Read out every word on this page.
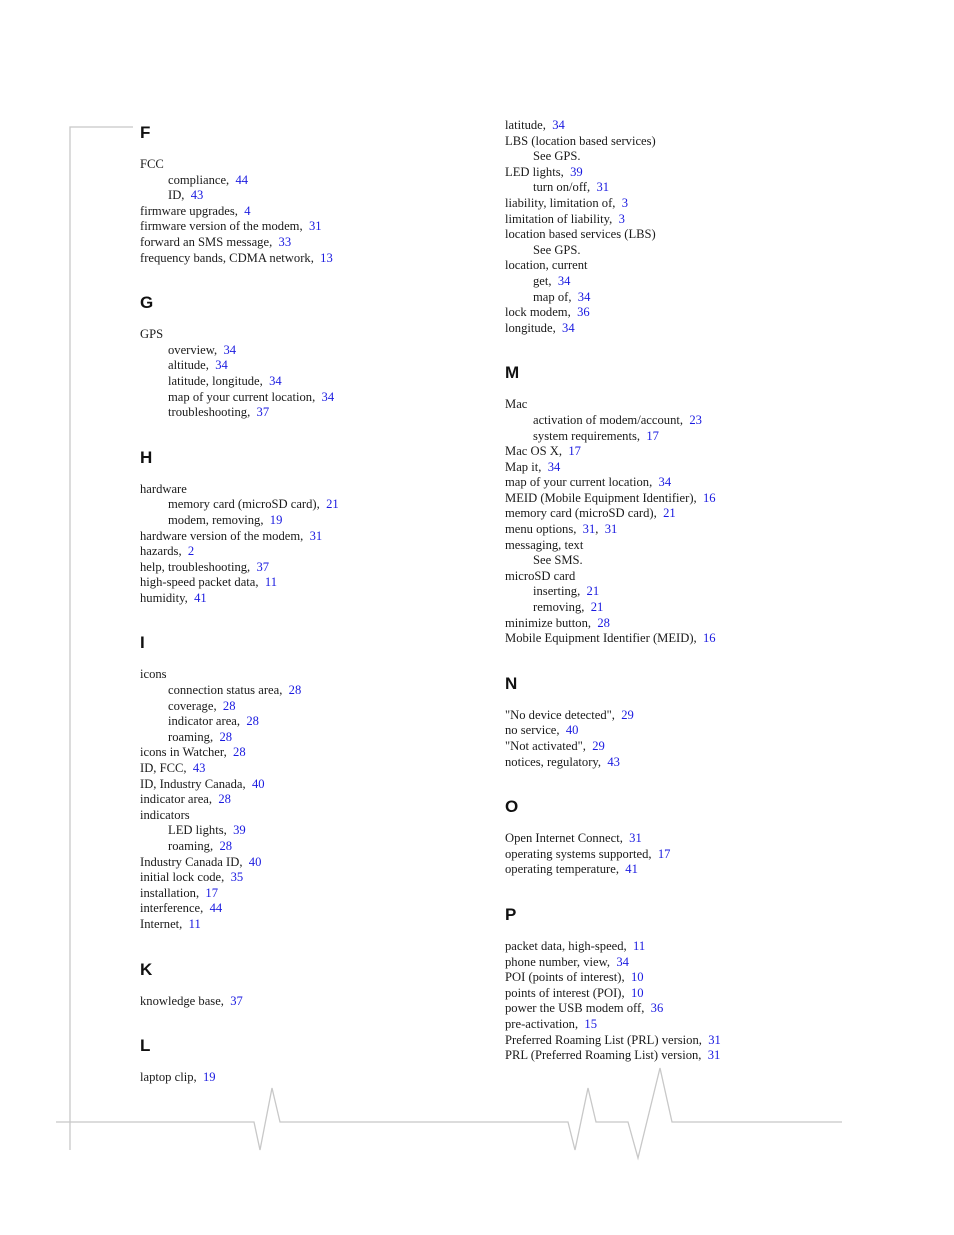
F
FCC
compliance,  44
ID,  43
firmware upgrades,  4
firmware version of the modem,  31
forward an SMS message,  33
frequency bands, CDMA network,  13
G
GPS
overview,  34
altitude,  34
latitude, longitude,  34
map of your current location,  34
troubleshooting,  37
H
hardware
memory card (microSD card),  21
modem, removing,  19
hardware version of the modem,  31
hazards,  2
help, troubleshooting,  37
high-speed packet data,  11
humidity,  41
I
icons
connection status area,  28
coverage,  28
indicator area,  28
roaming,  28
icons in Watcher,  28
ID, FCC,  43
ID, Industry Canada,  40
indicator area,  28
indicators
LED lights,  39
roaming,  28
Industry Canada ID,  40
initial lock code,  35
installation,  17
interference,  44
Internet,  11
K
knowledge base,  37
L
laptop clip,  19
latitude,  34
LBS (location based services)
See GPS.
LED lights,  39
turn on/off,  31
liability, limitation of,  3
limitation of liability,  3
location based services (LBS)
See GPS.
location, current
get,  34
map of,  34
lock modem,  36
longitude,  34
M
Mac
activation of modem/account,  23
system requirements,  17
Mac OS X,  17
Map it,  34
map of your current location,  34
MEID (Mobile Equipment Identifier),  16
memory card (microSD card),  21
menu options,  31,  31
messaging, text
See SMS.
microSD card
inserting,  21
removing,  21
minimize button,  28
Mobile Equipment Identifier (MEID),  16
N
"No device detected",  29
no service,  40
"Not activated",  29
notices, regulatory,  43
O
Open Internet Connect,  31
operating systems supported,  17
operating temperature,  41
P
packet data, high-speed,  11
phone number, view,  34
POI (points of interest),  10
points of interest (POI),  10
power the USB modem off,  36
pre-activation,  15
Preferred Roaming List (PRL) version,  31
PRL (Preferred Roaming List) version,  31
